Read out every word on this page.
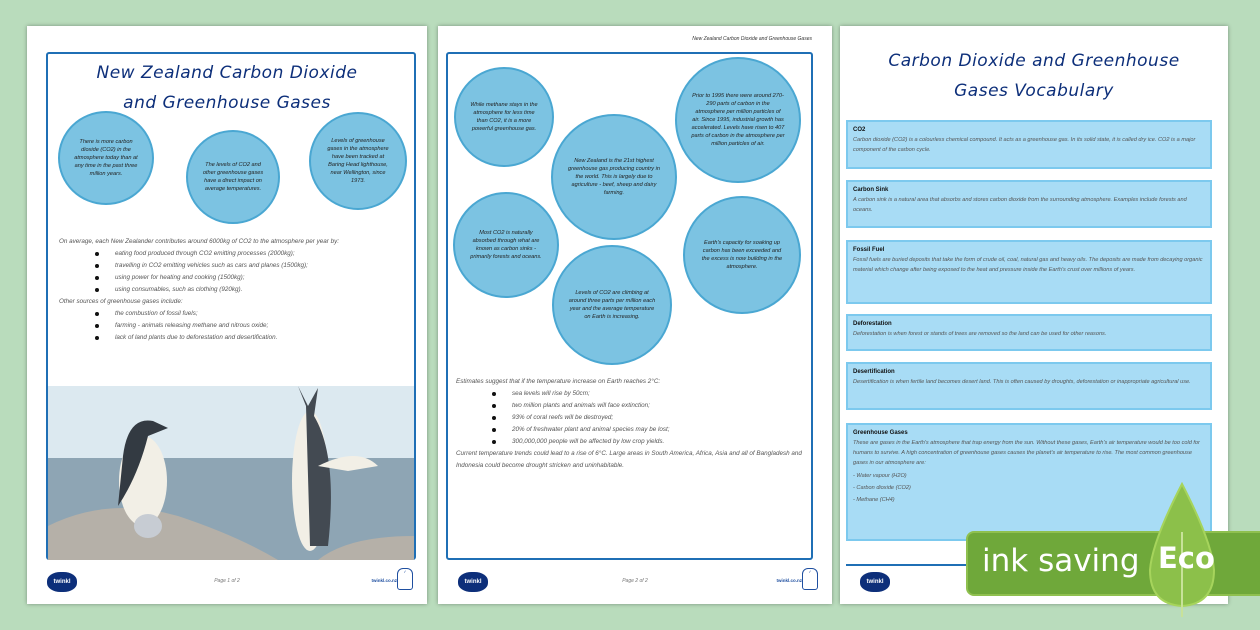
New Zealand Carbon Dioxide and Greenhouse Gases
There is more carbon dioxide (CO2) in the atmosphere today than at any time in the past three million years.
The levels of CO2 and other greenhouse gases have a direct impact on average temperatures.
Levels of greenhouse gases in the atmosphere have been tracked at Baring Head lighthouse, near Wellington, since 1973.
On average, each New Zealander contributes around 6000kg of CO2 to the atmosphere per year by:
eating food produced through CO2 emitting processes (2000kg);
travelling in CO2 emitting vehicles such as cars and planes (1500kg);
using power for heating and cooking (1500kg);
using consumables, such as clothing (920kg).
Other sources of greenhouse gases include:
the combustion of fossil fuels;
farming - animals releasing methane and nitrous oxide;
lack of land plants due to deforestation and desertification.
twinkl	Page 1 of 2	twinkl.co.nz
✓
New Zealand Carbon Dioxide and Greenhouse Gases
While methane stays in the atmosphere for less time than CO2, it is a more powerful greenhouse gas.
New Zealand is the 21st highest greenhouse gas producing country in the world. This is largely due to agriculture - beef, sheep and dairy farming.
Prior to 1995 there were around 270-290 parts of carbon in the atmosphere per million particles of air. Since 1995, industrial growth has accelerated. Levels have risen to 407 parts of carbon in the atmosphere per million particles of air.
Most CO2 is naturally absorbed through what are known as carbon sinks - primarily forests and oceans.
Levels of CO2 are climbing at around three parts per million each year and the average temperature on Earth is increasing.
Earth's capacity for soaking up carbon has been exceeded and the excess is now building in the atmosphere.
Estimates suggest that if the temperature increase on Earth reaches 2°C:
sea levels will rise by 50cm;
two million plants and animals will face extinction;
93% of coral reefs will be destroyed;
20% of freshwater plant and animal species may be lost;
300,000,000 people will be affected by low crop yields.
Current temperature trends could lead to a rise of 6°C. Large areas in South America, Africa, Asia and all of Bangladesh and Indonesia could become drought stricken and uninhabitable.
twinkl	Page 2 of 2	twinkl.co.nz
✓
Carbon Dioxide and Greenhouse Gases Vocabulary
CO2
Carbon dioxide (CO2) is a colourless chemical compound. It acts as a greenhouse gas. In its solid state, it is called dry ice. CO2 is a major component of the carbon cycle.
Carbon Sink
A carbon sink is a natural area that absorbs and stores carbon dioxide from the surrounding atmosphere. Examples include forests and oceans.
Fossil Fuel
Fossil fuels are buried deposits that take the form of crude oil, coal, natural gas and heavy oils. The deposits are made from decaying organic material which change after being exposed to the heat and pressure inside the Earth's crust over millions of years.
Deforestation
Deforestation is when forest or stands of trees are removed so the land can be used for other reasons.
Desertification
Desertification is when fertile land becomes desert land. This is often caused by droughts, deforestation or inappropriate agricultural use.
Greenhouse Gases
These are gases in the Earth's atmosphere that trap energy from the sun. Without these gases, Earth's air temperature would be too cold for humans to survive. A high concentration of greenhouse gases causes the planet's air temperature to rise. The most common greenhouse gases in our atmosphere are:
- Water vapour (H2O)
- Carbon dioxide (CO2)
- Methane (CH4)
twinkl
ink saving Eco
